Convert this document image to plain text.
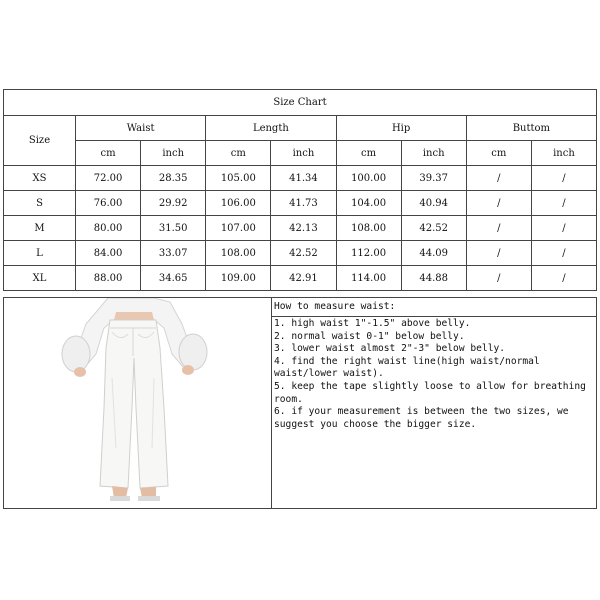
Size Chart								
Size	Waist		Length		Hip		Buttom	
	cm	inch	cm	inch	cm	inch	cm	inch
XS	72.00	28.35	105.00	41.34	100.00	39.37	/	/
S	76.00	29.92	106.00	41.73	104.00	40.94	/	/
M	80.00	31.50	107.00	42.13	108.00	42.52	/	/
L	84.00	33.07	108.00	42.52	112.00	44.09	/	/
XL	88.00	34.65	109.00	42.91	114.00	44.88	/	/
How to measure waist:
1. high waist 1"-1.5" above belly.
2. normal waist 0-1" below belly.
3. lower waist almost 2"-3" below belly.
4. find the right waist line(high waist/normal waist/lower waist).
5. keep the tape slightly loose to allow for breathing room.
6. if your measurement is between the two sizes, we suggest you choose the bigger size.
